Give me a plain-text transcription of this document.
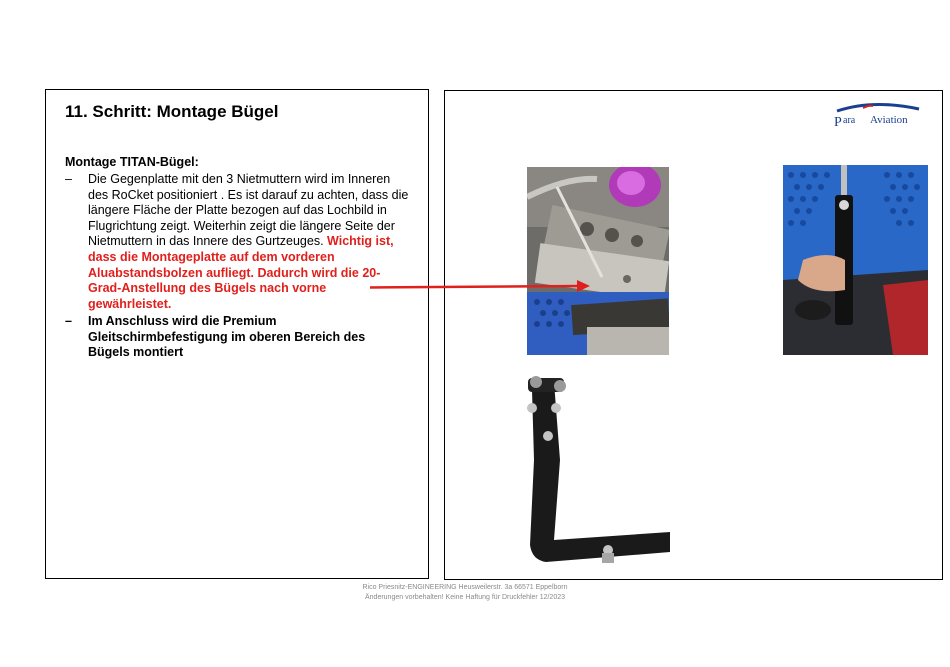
11. Schritt: Montage Bügel
Montage TITAN-Bügel:
– Die Gegenplatte mit den 3 Nietmuttern wird im Inneren des RoCket positioniert . Es ist darauf zu achten, dass die längere Fläche der Platte bezogen auf das Lochbild in Flugrichtung zeigt. Weiterhin zeigt die längere Seite der Nietmuttern in das Innere des Gurtzeuges. Wichtig ist, dass die Montageplatte auf dem vorderen Aluabstandsbolzen aufliegt. Dadurch wird die 20-Grad-Anstellung des Bügels nach vorne gewährleistet.
– Im Anschluss wird die Premium Gleitschirmbefestigung im oberen Bereich des Bügels montiert
P ara Aviation
Rico Priesnitz-ENGINEERING Heusweilerstr. 3a 66571 Eppelborn
Änderungen vorbehalten! Keine Haftung für Druckfehler 12/2023
